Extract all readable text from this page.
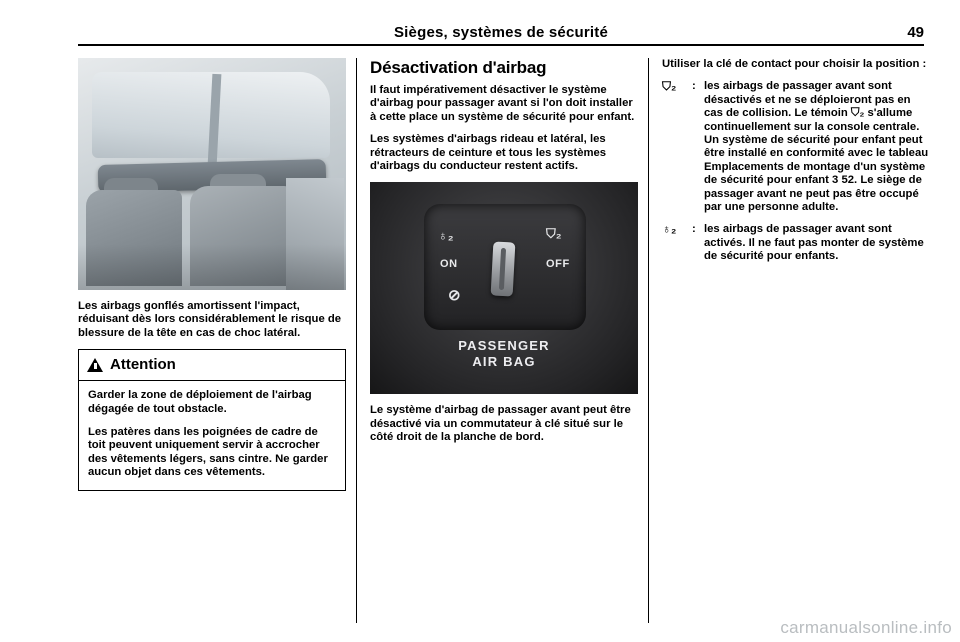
Sièges, systèmes de sécurité	49

Les airbags gonflés amortissent l'impact, réduisant dès lors considérablement le risque de blessure de la tête en cas de choc latéral.

Attention

Garder la zone de déploiement de l'airbag dégagée de tout obstacle.

Les patères dans les poignées de cadre de toit peuvent uniquement servir à accrocher des vêtements légers, sans cintre. Ne garder aucun objet dans ces vêtements.

Désactivation d'airbag

Il faut impérativement désactiver le système d'airbag pour passager avant si l'on doit installer à cette place un système de sécurité pour enfant.

Les systèmes d'airbags rideau et latéral, les rétracteurs de ceinture et tous les systèmes d'airbags du conducteur restent actifs.

♁₂	⛉₂
⊘
ON	OFF
PASSENGER
AIR BAG

Le système d'airbag de passager avant peut être désactivé via un commutateur à clé situé sur le côté droit de la planche de bord.

Utiliser la clé de contact pour choisir la position :

⛉₂	: les airbags de passager avant sont désactivés et ne se déploieront pas en cas de collision. Le témoin ⛉₂ s'allume continuellement sur la console centrale. Un système de sécurité pour enfant peut être installé en conformité avec le tableau Emplacements de montage d'un système de sécurité pour enfant 3 52. Le siège de passager avant ne peut pas être occupé par une personne adulte.
♁₂	: les airbags de passager avant sont activés. Il ne faut pas monter de système de sécurité pour enfants.
carmanualsonline.info
